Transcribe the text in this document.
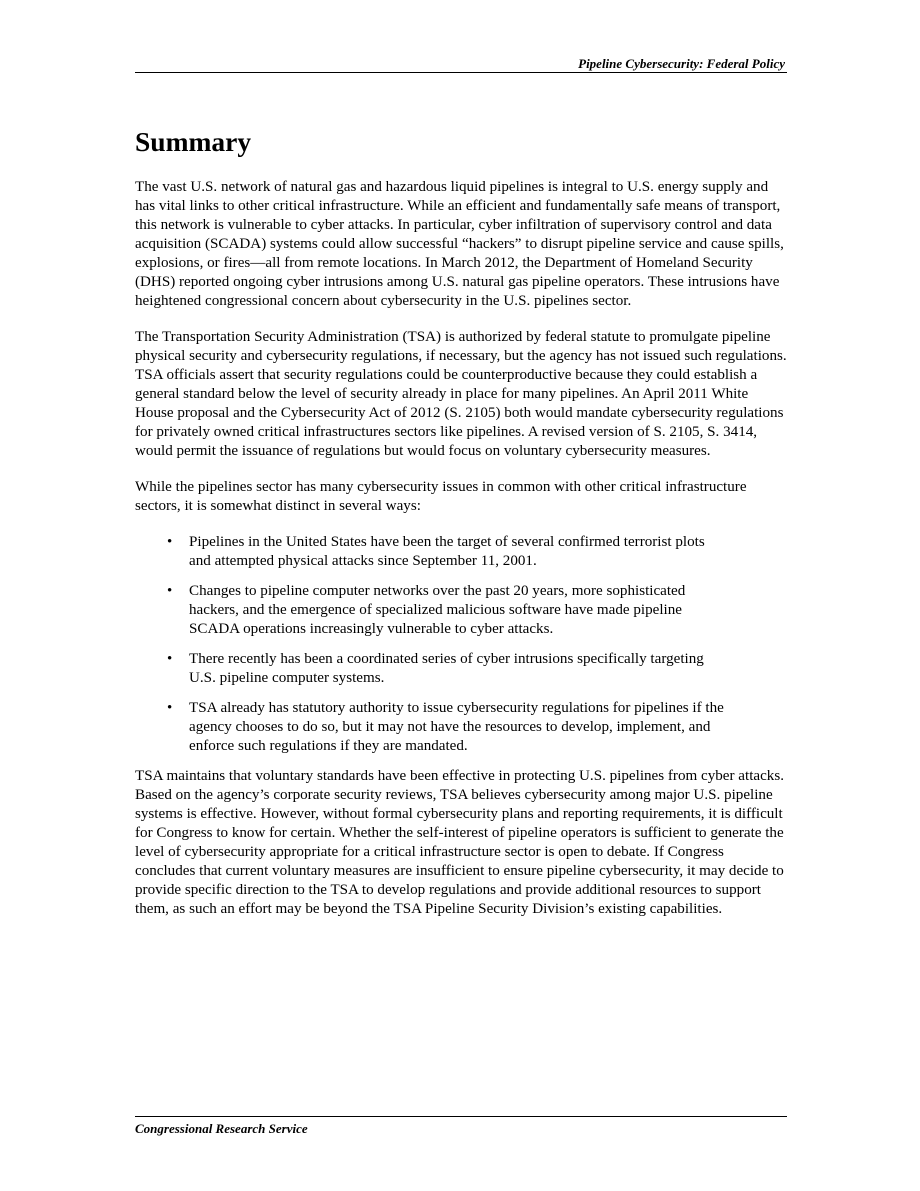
Pipeline Cybersecurity: Federal Policy
Summary

The vast U.S. network of natural gas and hazardous liquid pipelines is integral to U.S. energy supply and has vital links to other critical infrastructure. While an efficient and fundamentally safe means of transport, this network is vulnerable to cyber attacks. In particular, cyber infiltration of supervisory control and data acquisition (SCADA) systems could allow successful “hackers” to disrupt pipeline service and cause spills, explosions, or fires—all from remote locations. In March 2012, the Department of Homeland Security (DHS) reported ongoing cyber intrusions among U.S. natural gas pipeline operators. These intrusions have heightened congressional concern about cybersecurity in the U.S. pipelines sector.

The Transportation Security Administration (TSA) is authorized by federal statute to promulgate pipeline physical security and cybersecurity regulations, if necessary, but the agency has not issued such regulations. TSA officials assert that security regulations could be counterproductive because they could establish a general standard below the level of security already in place for many pipelines. An April 2011 White House proposal and the Cybersecurity Act of 2012 (S. 2105) both would mandate cybersecurity regulations for privately owned critical infrastructures sectors like pipelines. A revised version of S. 2105, S. 3414, would permit the issuance of regulations but would focus on voluntary cybersecurity measures.

While the pipelines sector has many cybersecurity issues in common with other critical infrastructure sectors, it is somewhat distinct in several ways:

• Pipelines in the United States have been the target of several confirmed terrorist plots and attempted physical attacks since September 11, 2001.
• Changes to pipeline computer networks over the past 20 years, more sophisticated hackers, and the emergence of specialized malicious software have made pipeline SCADA operations increasingly vulnerable to cyber attacks.
• There recently has been a coordinated series of cyber intrusions specifically targeting U.S. pipeline computer systems.
• TSA already has statutory authority to issue cybersecurity regulations for pipelines if the agency chooses to do so, but it may not have the resources to develop, implement, and enforce such regulations if they are mandated.

TSA maintains that voluntary standards have been effective in protecting U.S. pipelines from cyber attacks. Based on the agency’s corporate security reviews, TSA believes cybersecurity among major U.S. pipeline systems is effective. However, without formal cybersecurity plans and reporting requirements, it is difficult for Congress to know for certain. Whether the self-interest of pipeline operators is sufficient to generate the level of cybersecurity appropriate for a critical infrastructure sector is open to debate. If Congress concludes that current voluntary measures are insufficient to ensure pipeline cybersecurity, it may decide to provide specific direction to the TSA to develop regulations and provide additional resources to support them, as such an effort may be beyond the TSA Pipeline Security Division’s existing capabilities.

Congressional Research Service
